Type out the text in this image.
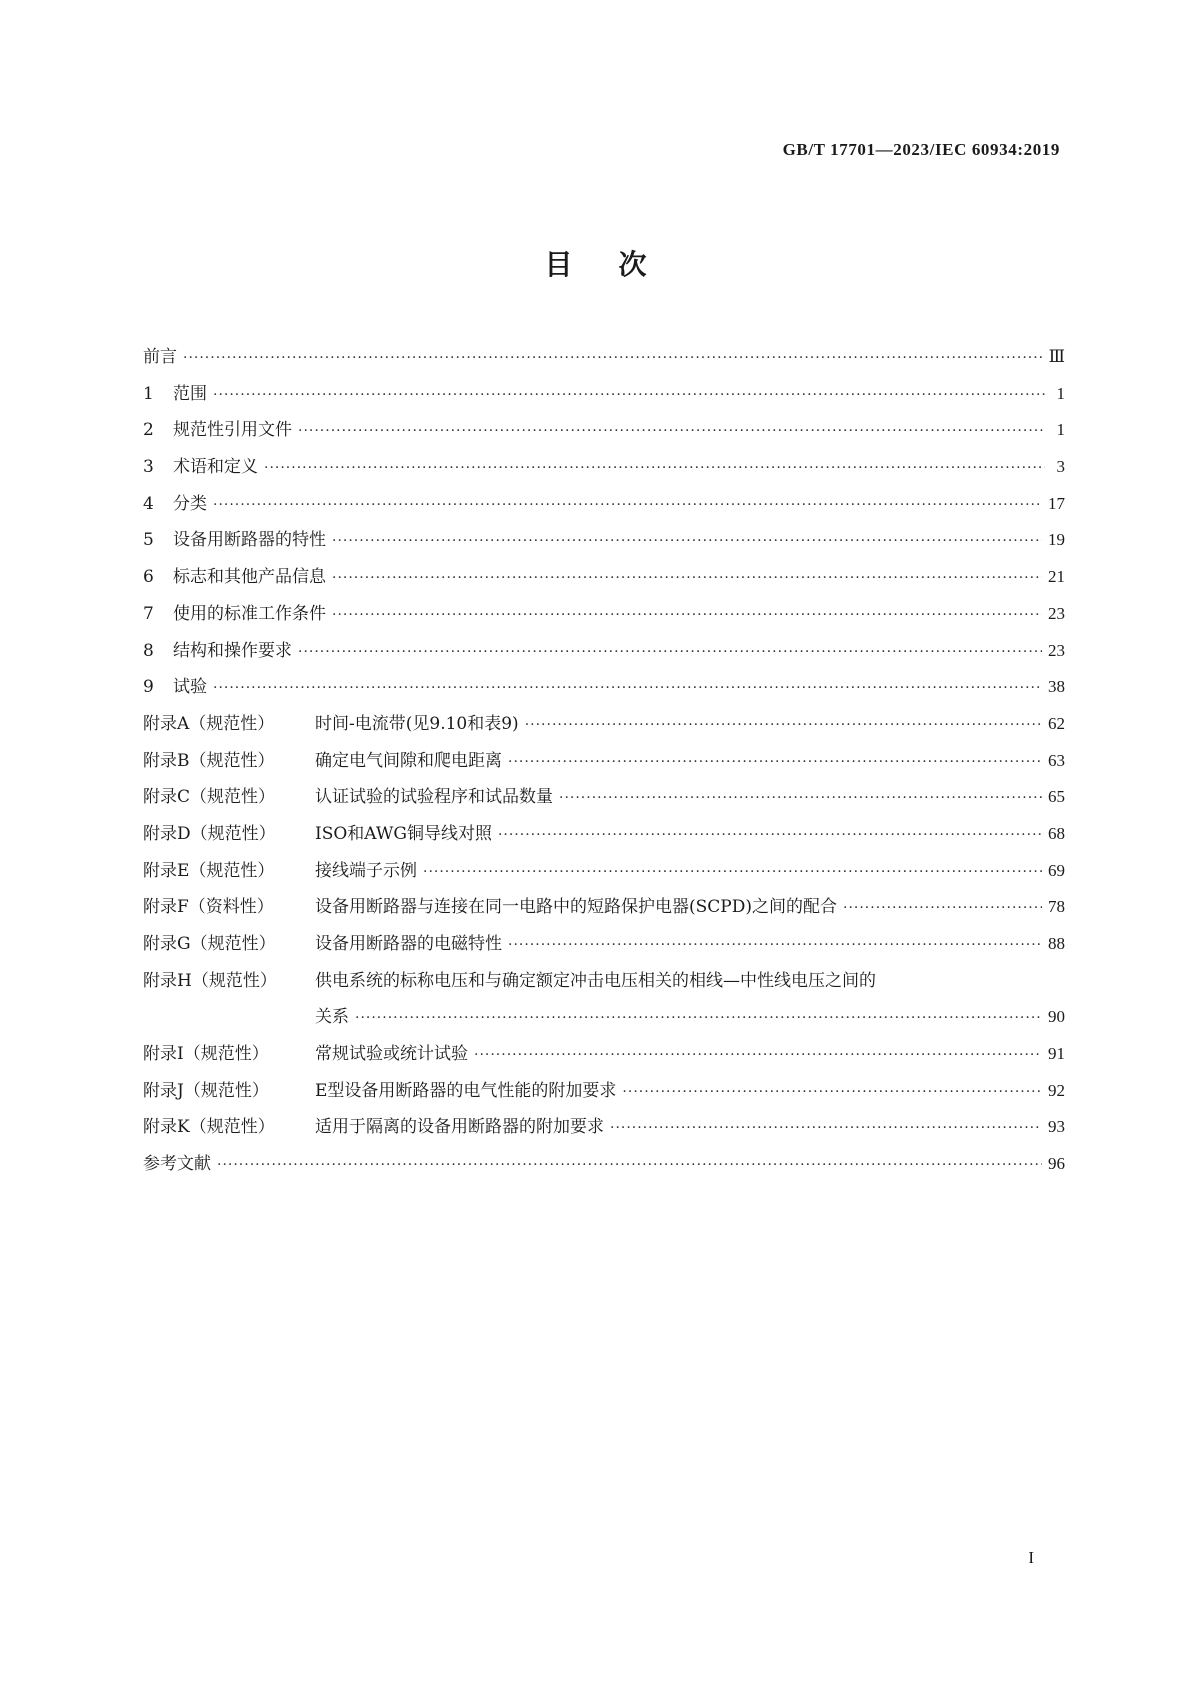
GB/T 17701—2023/IEC 60934:2019
目次
前言 ·····	Ⅲ
1	范围 ·····	1
2	规范性引用文件 ·····	1
3	术语和定义 ·····	3
4	分类 ·····	17
5	设备用断路器的特性 ·····	19
6	标志和其他产品信息 ·····	21
7	使用的标准工作条件 ·····	23
8	结构和操作要求 ·····	23
9	试验 ·····	38
附录A（规范性）	时间-电流带(见9.10和表9) ·····	62
附录B（规范性）	确定电气间隙和爬电距离 ·····	63
附录C（规范性）	认证试验的试验程序和试品数量 ·····	65
附录D（规范性）	ISO和AWG铜导线对照 ·····	68
附录E（规范性）	接线端子示例 ·····	69
附录F（资料性）	设备用断路器与连接在同一电路中的短路保护电器(SCPD)之间的配合 ·····	78
附录G（规范性）	设备用断路器的电磁特性 ·····	88
附录H（规范性）	供电系统的标称电压和与确定额定冲击电压相关的相线—中性线电压之间的
关系 ·····	90
附录I（规范性）	常规试验或统计试验 ·····	91
附录J（规范性）	E型设备用断路器的电气性能的附加要求 ·····	92
附录K（规范性）	适用于隔离的设备用断路器的附加要求 ·····	93
参考文献 ·····	96
I
